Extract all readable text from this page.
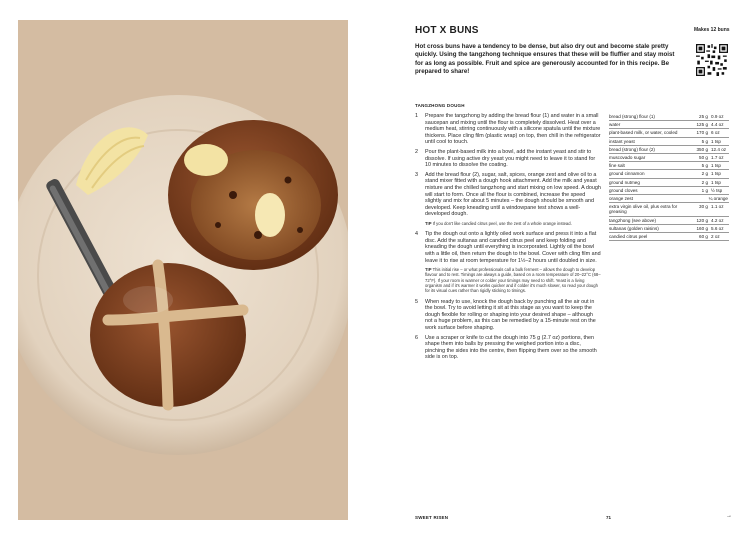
HOT X BUNS	Makes 12 buns
Hot cross buns have a tendency to be dense, but also dry out and become stale pretty quickly. Using the tangzhong technique ensures that these will be fluffier and stay moist for as long as possible. Fruit and spice are generously accounted for in this recipe. Be prepared to share!
TANGZHONG DOUGH
1	Prepare the tangzhong by adding the bread flour (1) and water in a small saucepan and mixing until the flour is completely dissolved. Heat over a medium heat, stirring continuously with a silicone spatula until the mixture thickens. Place cling film (plastic wrap) on top, then chill in the refrigerator until cool to touch.
2	Pour the plant-based milk into a bowl, add the instant yeast and stir to dissolve. If using active dry yeast you might need to leave it to stand for 10 minutes to dissolve the coating.
3	Add the bread flour (2), sugar, salt, spices, orange zest and olive oil to a stand mixer fitted with a dough hook attachment. Add the milk and yeast mixture and the chilled tangzhong and start mixing on low speed. A dough will start to form. Once all the flour is combined, increase the speed slightly and mix for about 5 minutes – the dough should be smooth and developed. Keep kneading until a windowpane test shows a well-developed dough.
TIP If you don't like candied citrus peel, use the zest of a whole orange instead.
4	Tip the dough out onto a lightly oiled work surface and press it into a flat disc. Add the sultanas and candied citrus peel and keep folding and kneading the dough until everything is incorporated. Lightly oil the bowl with a little oil, then return the dough to the bowl. Cover with cling film and leave it to rise at room temperature for 1½–2 hours until doubled in size.
TIP This initial rise – or what professionals call a bulk ferment – allows the dough to develop flavour and to rest. Timings are always a guide, based on a room temperature of 20–22°C (68–72°F). If your room is warmer or colder your timings may need to shift. Yeast is a living organism and if it's warmer it works quicker and if colder it's much slower, so read your dough for its visual cues rather than rigidly sticking to timings.
5	When ready to use, knock the dough back by punching all the air out in the bowl. Try to avoid letting it sit at this stage as you want to keep the dough flexible for rolling or shaping into your desired shape – although not a huge problem, as this can be remedied by a 15-minute rest on the work surface before shaping.
6	Use a scraper or knife to cut the dough into 75 g (2.7 oz) portions, then shape them into balls by pressing the weighed portion into a disc, pinching the sides into the centre, then flipping them over so the smooth side is on top.
bread (strong) flour (1)	25 g	0.9 oz
water	125 g	4.4 oz
plant-based milk, or water, cooled	170 g	6 oz
instant yeast	5 g	1 tsp
bread (strong) flour (2)	350 g	12.4 oz
muscovado sugar	50 g	1.7 oz
fine salt	5 g	1 tsp
ground cinnamon	2 g	1 tsp
ground nutmeg	2 g	1 tsp
ground cloves	1 g	½ tsp
orange zest	¼ orange	
extra virgin olive oil, plus extra for greasing	30 g	1.1 oz
tangzhong (see above)	120 g	4.2 oz
sultanas (golden raisins)	160 g	5.6 oz
candied citrus peel	60 g	2 oz
SWEET RISEN	71	→
